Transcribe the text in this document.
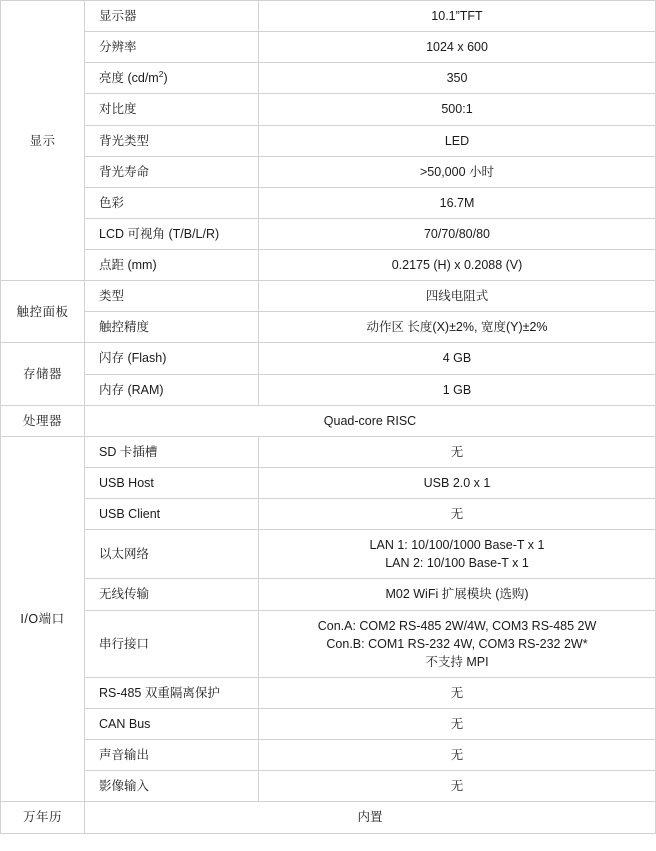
显示	显示器	10.1”TFT

	分辨率	1024 x 600

	亮度 $(cd/m^2)$	350

	对比度	500:1

	背光类型	LED

	背光寿命	>50,000 小时

	色彩	16.7M

	LCD 可视角 (T/B/L/R)	70/70/80/80

	点距 (mm)	0.2175 (H) x 0.2088 (V)

触控面板	类型	四线电阻式

	触控精度	动作区 长度(X)±2%, 宽度(Y)±2%

存储器	闪存 (Flash)	4 GB

	内存 (RAM)	1 GB

处理器	Quad-core RISC	

I/O端口	SD 卡插槽	无

	USB Host	USB 2.0 x 1

	USB Client	无

	以太网络	LAN 1: 10/100/1000 Base-T x 1
LAN 2: 10/100 Base-T x 1

	无线传输	M02 WiFi 扩展模块 (选购)

	串行接口	Con.A: COM2 RS-485 2W/4W, COM3 RS-485 2W
Con.B: COM1 RS-232 4W, COM3 RS-232 2W*
不支持 MPI

	RS-485 双重隔离保护	无

	CAN Bus	无

	声音输出	无

	影像输入	无

万年历	内置	
